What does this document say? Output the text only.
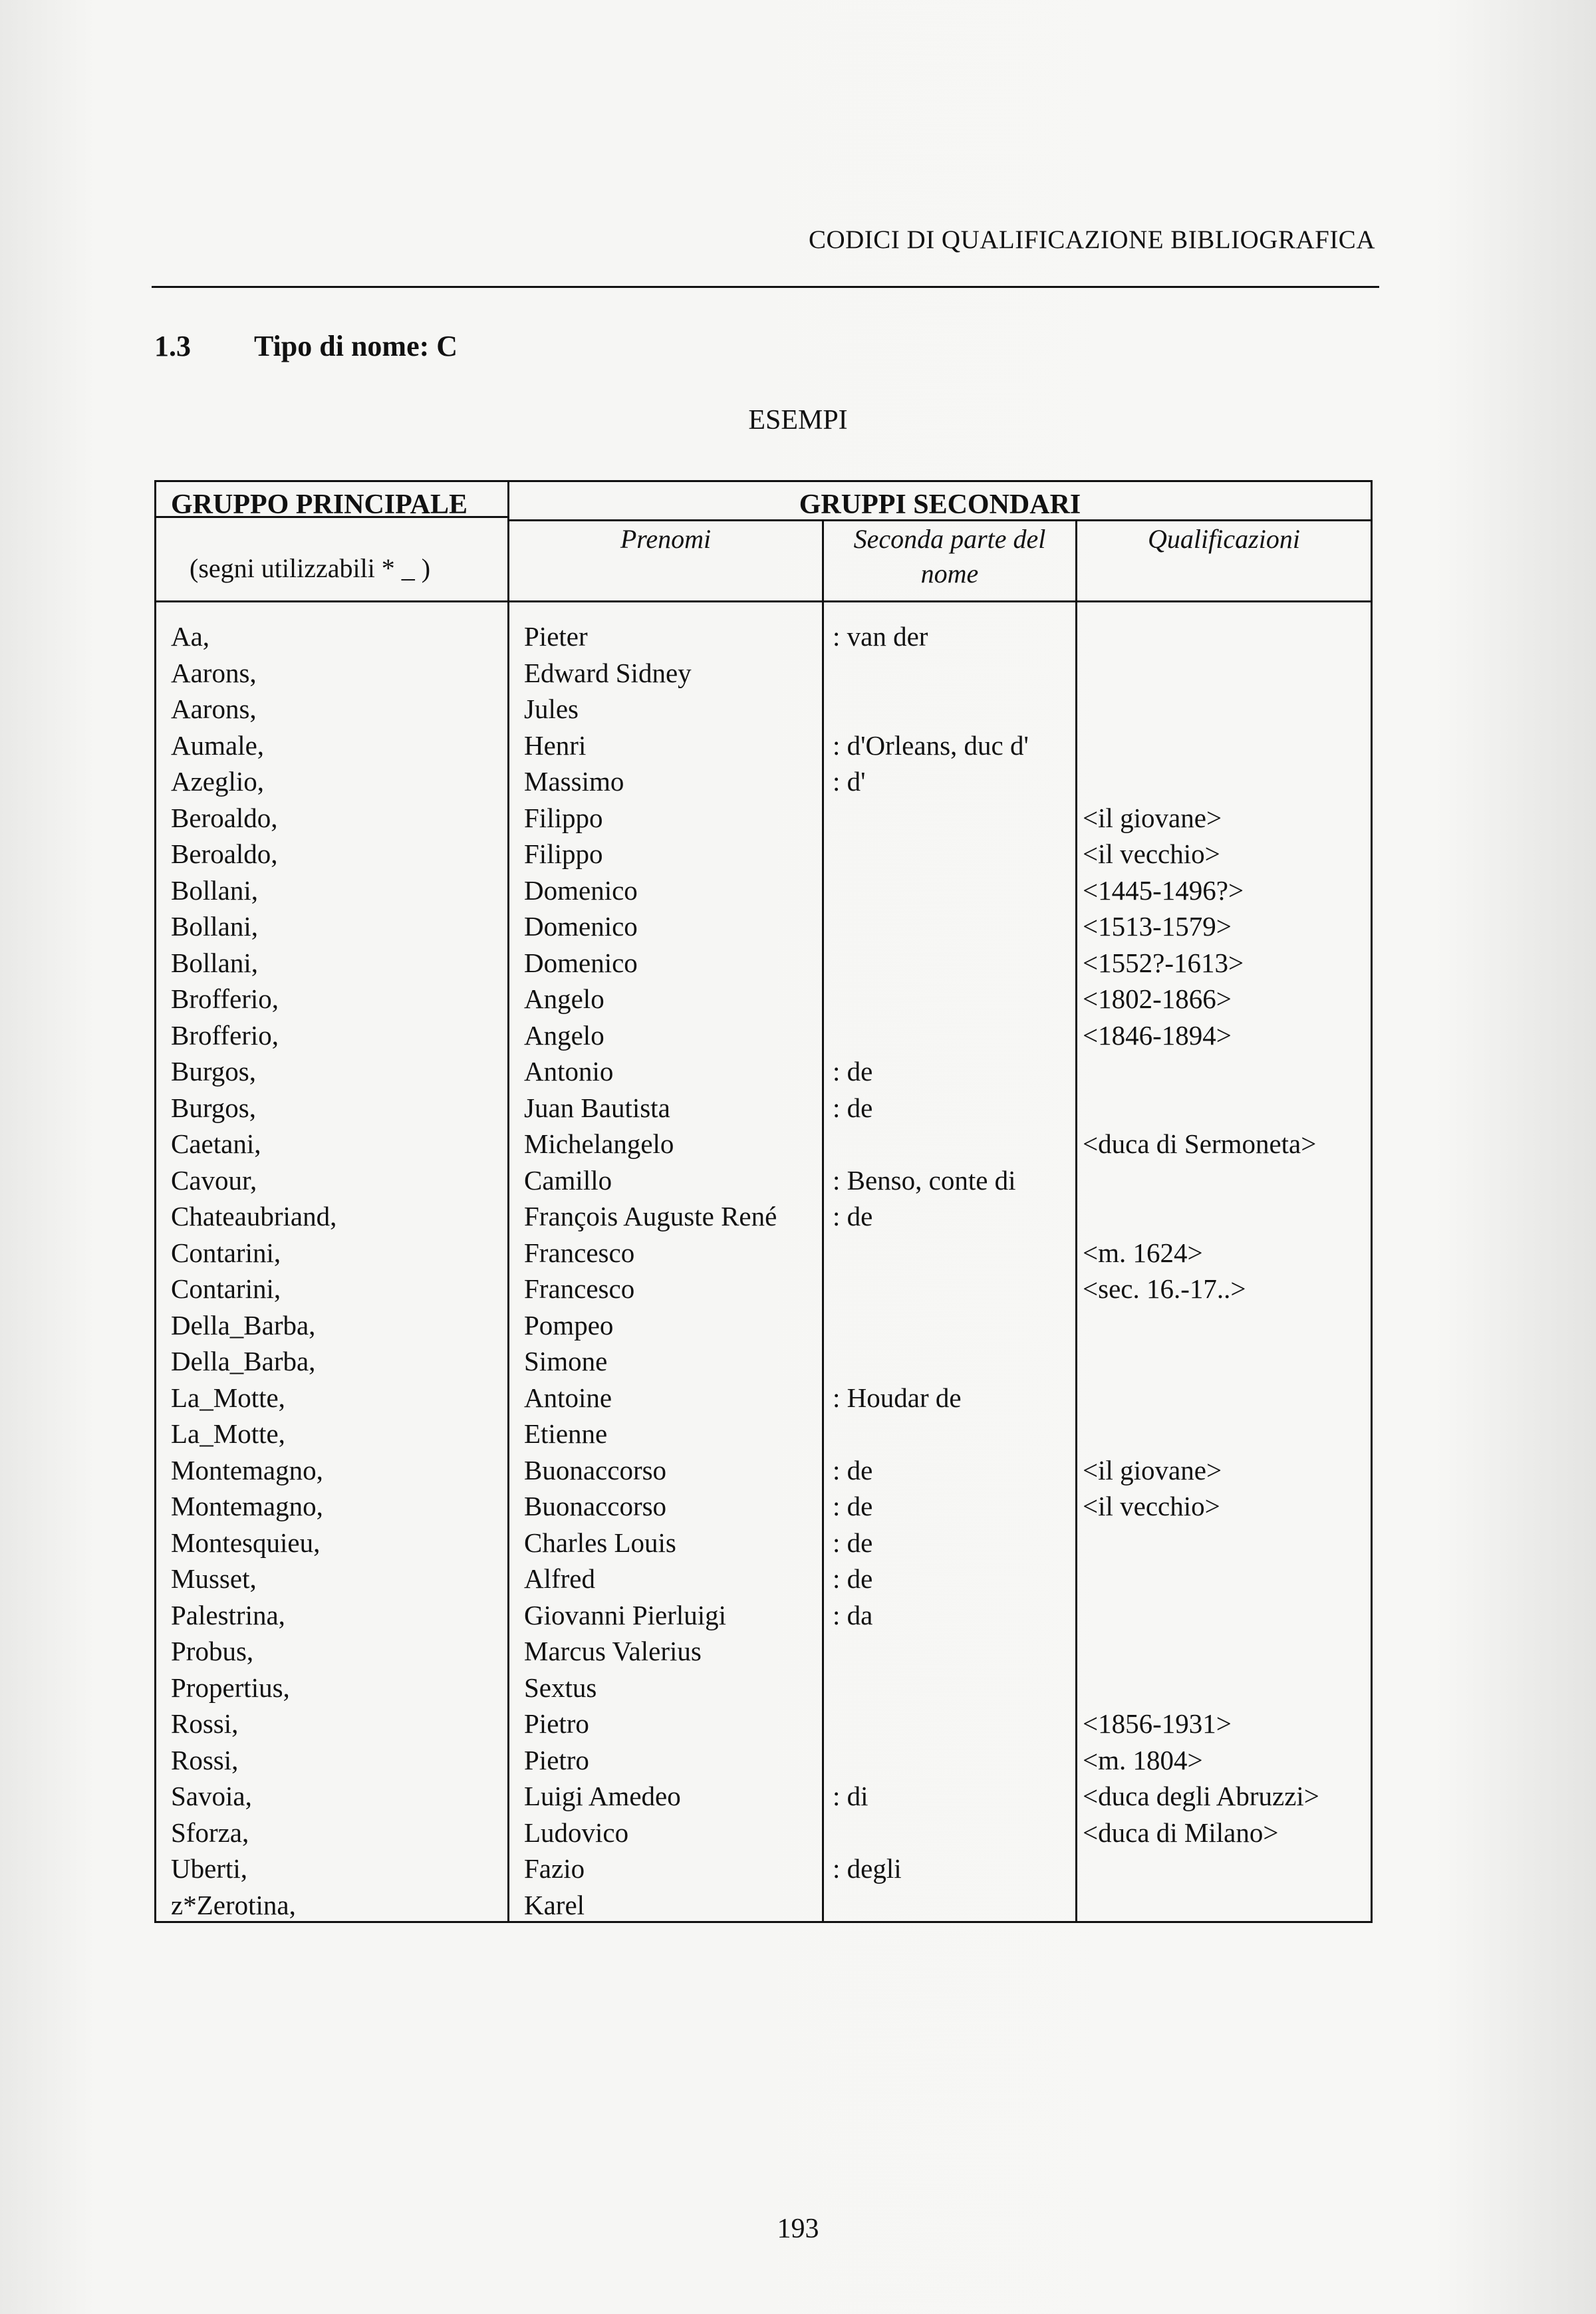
CODICI DI QUALIFICAZIONE BIBLIOGRAFICA
1.3 Tipo di nome: C
ESEMPI
GRUPPO PRINCIPALE
(segni utilizzabili * _ )
GRUPPI SECONDARI
Prenomi	Seconda parte del nome
Qualificazioni
Aa,
Aarons,
Aarons,
Aumale,
Azeglio,
Beroaldo,
Beroaldo,
Bollani,
Bollani,
Bollani,
Brofferio,
Brofferio,
Burgos,
Burgos,
Caetani,
Cavour,
Chateaubriand,
Contarini,
Contarini,
Della_Barba,
Della_Barba,
La_Motte,
La_Motte,
Montemagno,
Montemagno,
Montesquieu,
Musset,
Palestrina,
Probus,
Propertius,
Rossi,
Rossi,
Savoia,
Sforza,
Uberti,
z*Zerotina,
Pieter
Edward Sidney
Jules
Henri
Massimo
Filippo
Filippo
Domenico
Domenico
Domenico
Angelo
Angelo
Antonio
Juan Bautista
Michelangelo
Camillo
François Auguste René
Francesco
Francesco
Pompeo
Simone
Antoine
Etienne
Buonaccorso
Buonaccorso
Charles Louis
Alfred
Giovanni Pierluigi
Marcus Valerius
Sextus
Pietro
Pietro
Luigi Amedeo
Ludovico
Fazio
Karel
: van der
: d'Orleans, duc d'
: d'
: de
: de
: Benso, conte di
: de
: Houdar de
: de
: de
: de
: de
: da
: di
: degli
<il giovane>
<il vecchio>
<1445-1496?>
<1513-1579>
<1552?-1613>
<1802-1866>
<1846-1894>
<duca di Sermoneta>
<m. 1624>
<sec. 16.-17..>
<il giovane>
<il vecchio>
<1856-1931>
<m. 1804>
<duca degli Abruzzi>
<duca di Milano>
193
